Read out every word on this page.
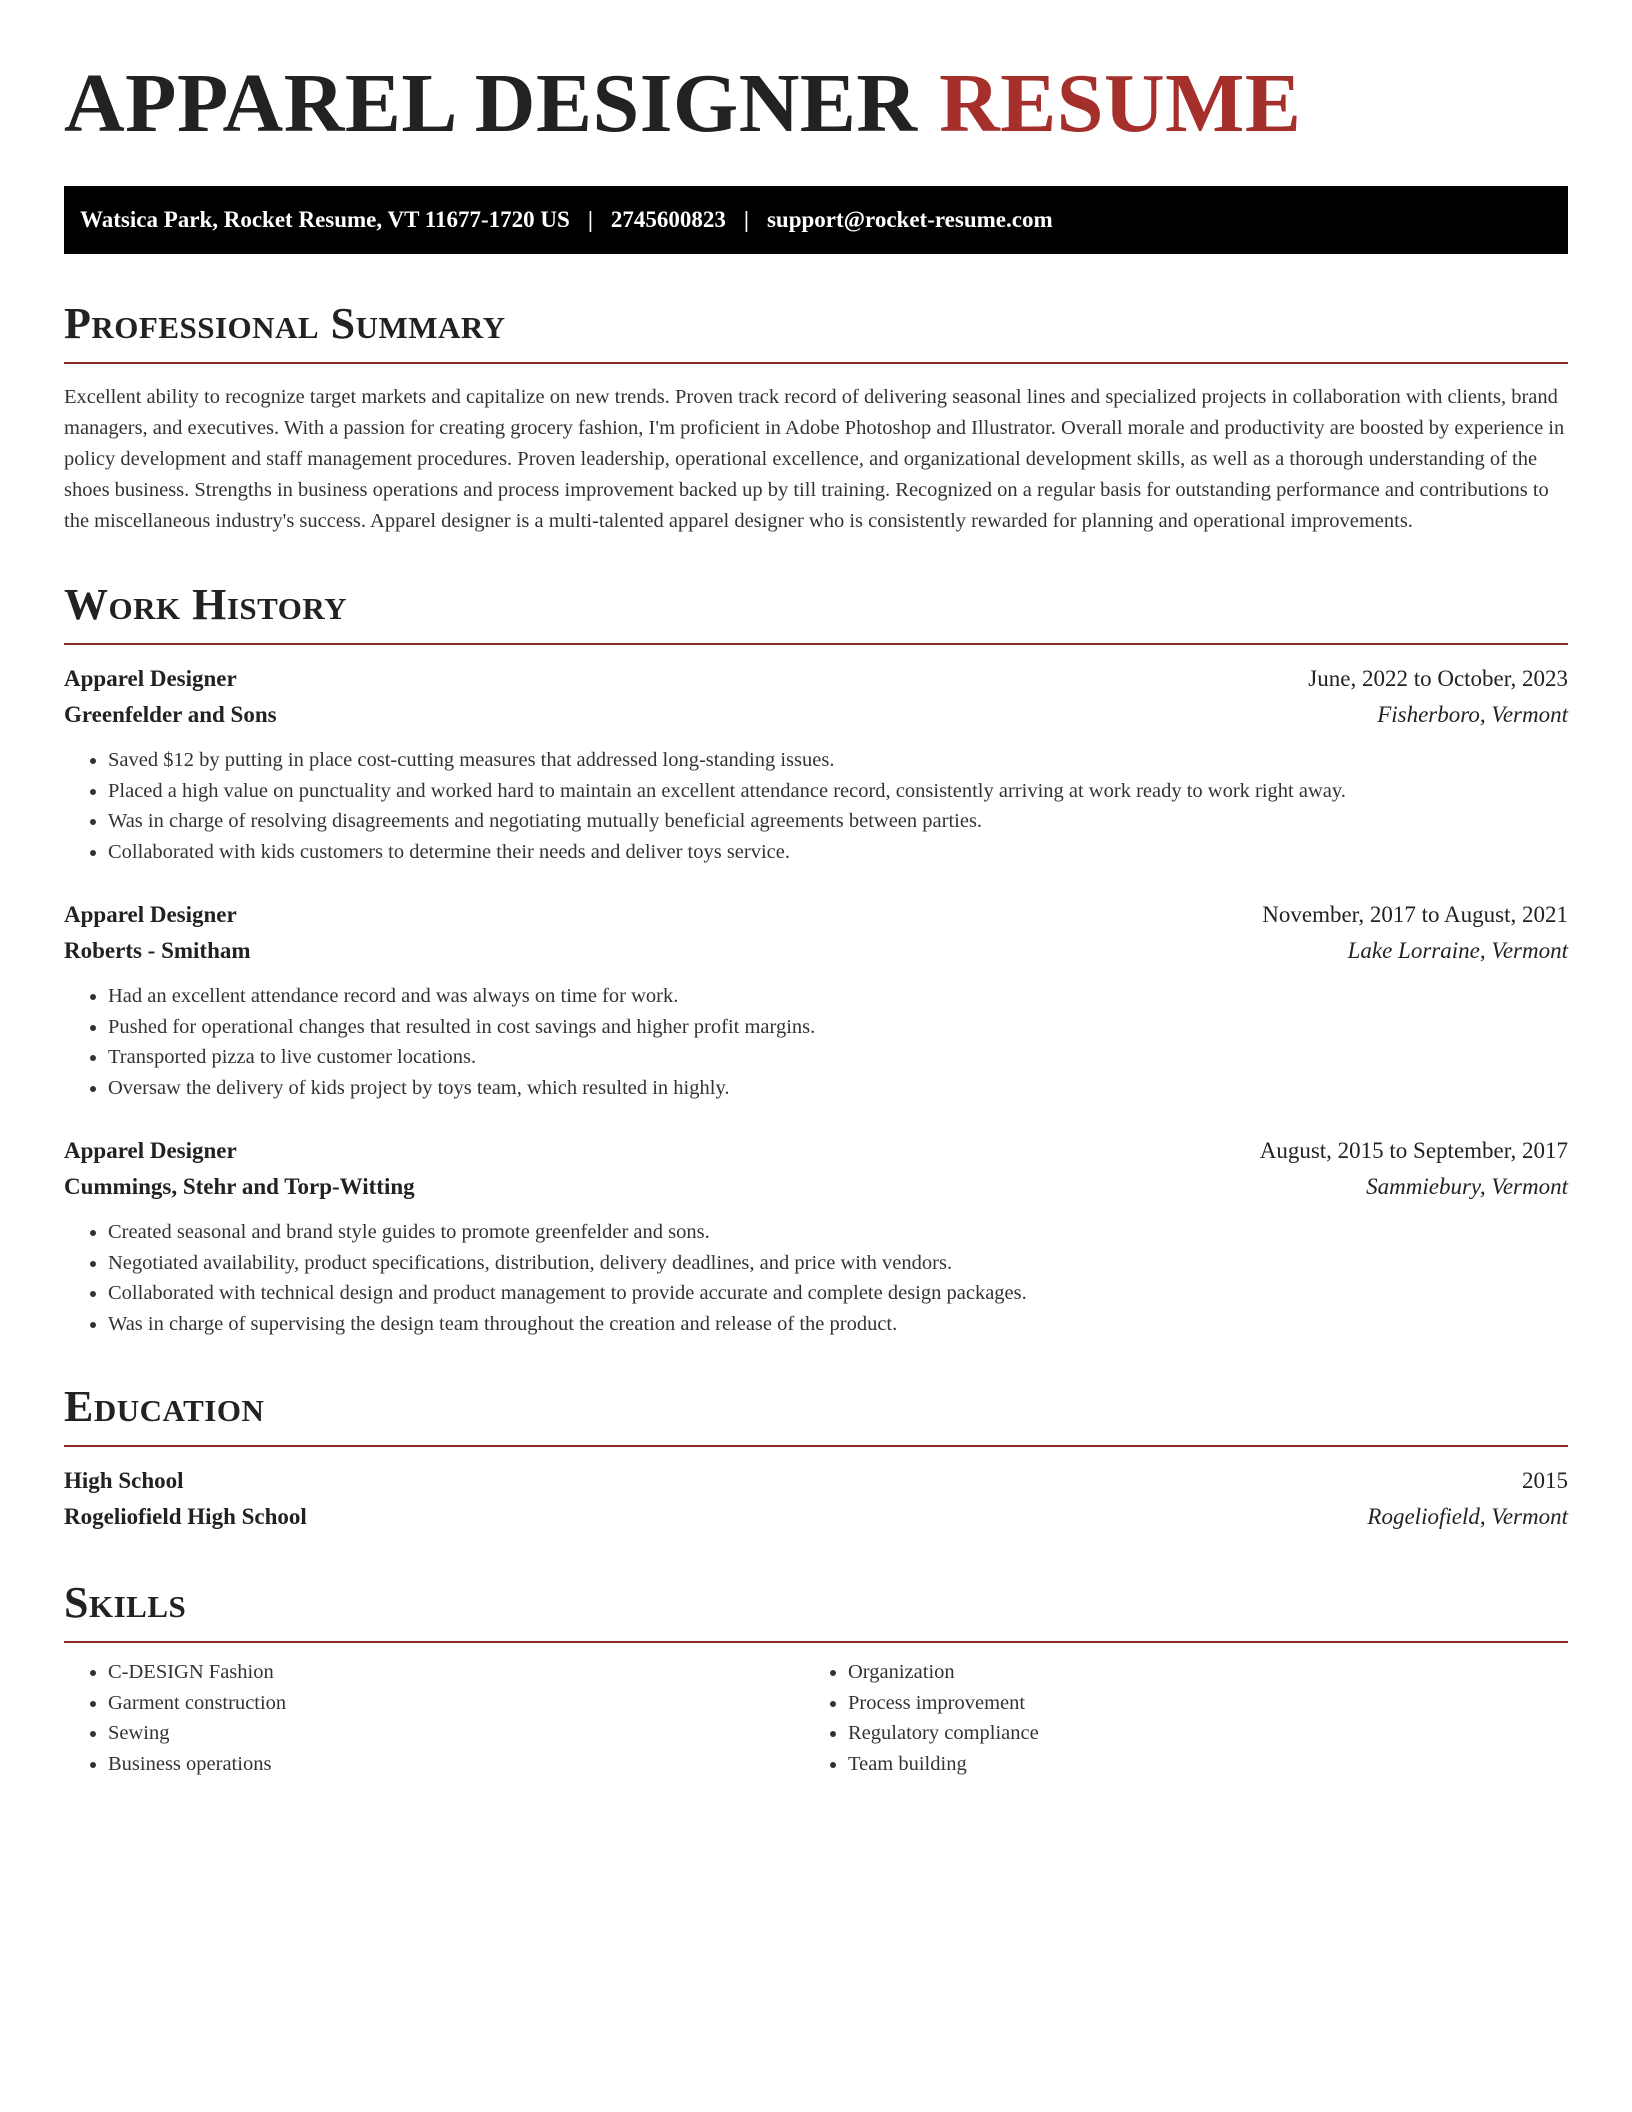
APPAREL DESIGNER RESUME
Watsica Park, Rocket Resume, VT 11677-1720 US | 2745600823 | support@rocket-resume.com
Professional Summary

Excellent ability to recognize target markets and capitalize on new trends. Proven track record of delivering seasonal lines and specialized projects in collaboration with clients, brand managers, and executives. With a passion for creating grocery fashion, I'm proficient in Adobe Photoshop and Illustrator. Overall morale and productivity are boosted by experience in policy development and staff management procedures. Proven leadership, operational excellence, and organizational development skills, as well as a thorough understanding of the shoes business. Strengths in business operations and process improvement backed up by till training. Recognized on a regular basis for outstanding performance and contributions to the miscellaneous industry's success. Apparel designer is a multi-talented apparel designer who is consistently rewarded for planning and operational improvements.

Work History
Apparel Designer	June, 2022 to October, 2023
Greenfelder and Sons	Fisherboro, Vermont
• Saved $12 by putting in place cost-cutting measures that addressed long-standing issues.
• Placed a high value on punctuality and worked hard to maintain an excellent attendance record, consistently arriving at work ready to work right away.
• Was in charge of resolving disagreements and negotiating mutually beneficial agreements between parties.
• Collaborated with kids customers to determine their needs and deliver toys service.
Apparel Designer	November, 2017 to August, 2021
Roberts - Smitham	Lake Lorraine, Vermont
• Had an excellent attendance record and was always on time for work.
• Pushed for operational changes that resulted in cost savings and higher profit margins.
• Transported pizza to live customer locations.
• Oversaw the delivery of kids project by toys team, which resulted in highly.
Apparel Designer	August, 2015 to September, 2017
Cummings, Stehr and Torp-Witting	Sammiebury, Vermont
• Created seasonal and brand style guides to promote greenfelder and sons.
• Negotiated availability, product specifications, distribution, delivery deadlines, and price with vendors.
• Collaborated with technical design and product management to provide accurate and complete design packages.
• Was in charge of supervising the design team throughout the creation and release of the product.
Education
High School	2015
Rogeliofield High School	Rogeliofield, Vermont
Skills
• C-DESIGN Fashion
• Garment construction
• Sewing
• Business operations
• Organization
• Process improvement
• Regulatory compliance
• Team building
